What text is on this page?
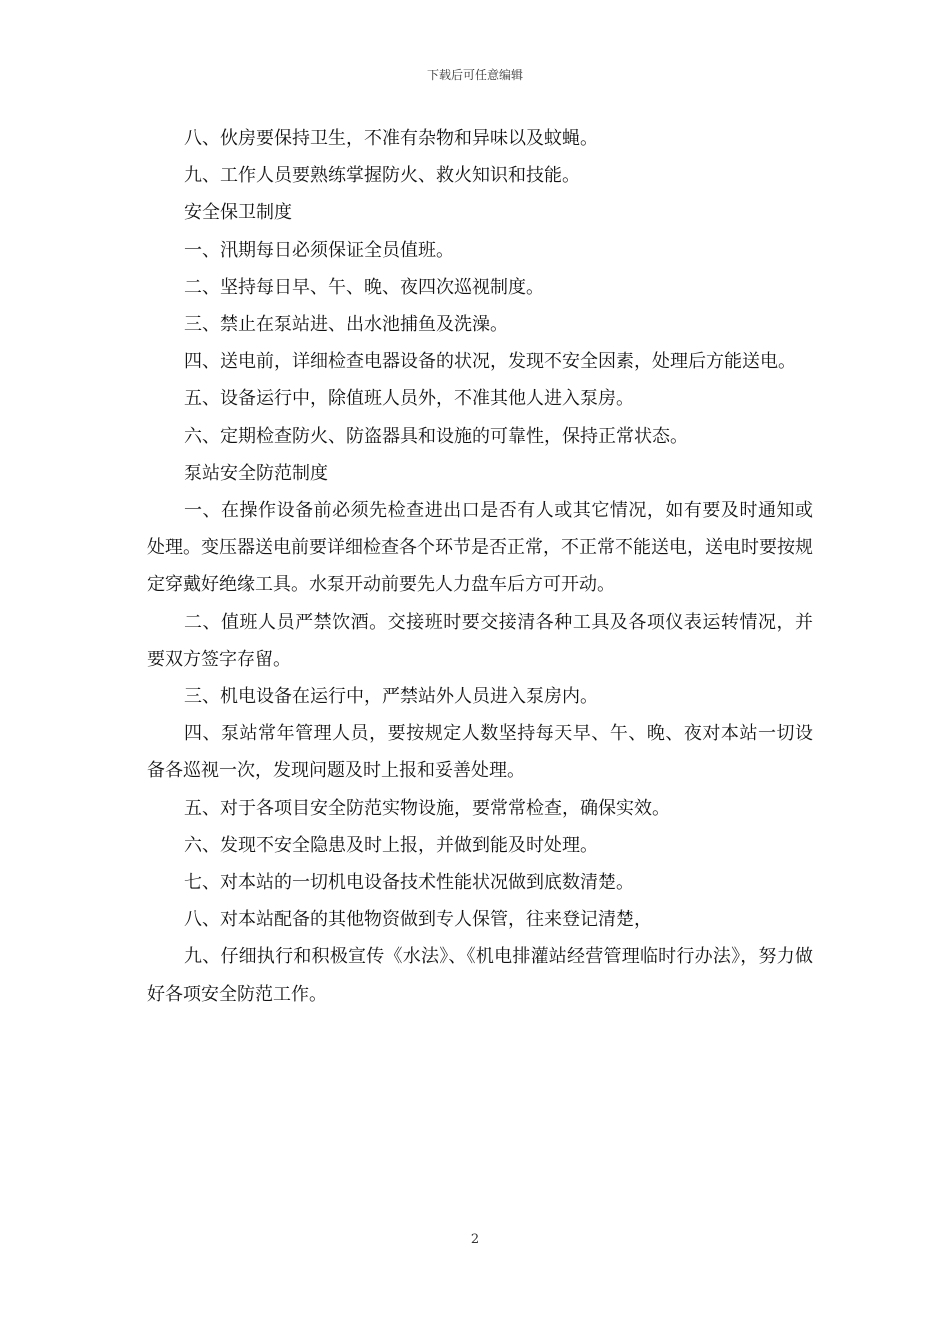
下载后可任意编辑

八、伙房要保持卫生，不准有杂物和异味以及蚊蝇。

九、工作人员要熟练掌握防火、救火知识和技能。

安全保卫制度

一、汛期每日必须保证全员值班。

二、坚持每日早、午、晚、夜四次巡视制度。

三、禁止在泵站进、出水池捕鱼及洗澡。

四、送电前，详细检查电器设备的状况，发现不安全因素，处理后方能送电。

五、设备运行中，除值班人员外，不准其他人进入泵房。

六、定期检查防火、防盗器具和设施的可靠性，保持正常状态。

泵站安全防范制度

一、在操作设备前必须先检查进出口是否有人或其它情况，如有要及时通知或处理。变压器送电前要详细检查各个环节是否正常，不正常不能送电，送电时要按规定穿戴好绝缘工具。水泵开动前要先人力盘车后方可开动。

二、值班人员严禁饮酒。交接班时要交接清各种工具及各项仪表运转情况，并要双方签字存留。

三、机电设备在运行中，严禁站外人员进入泵房内。

四、泵站常年管理人员，要按规定人数坚持每天早、午、晚、夜对本站一切设备各巡视一次，发现问题及时上报和妥善处理。

五、对于各项目安全防范实物设施，要常常检查，确保实效。

六、发现不安全隐患及时上报，并做到能及时处理。

七、对本站的一切机电设备技术性能状况做到底数清楚。

八、对本站配备的其他物资做到专人保管，往来登记清楚，

九、仔细执行和积极宣传《水法》、《机电排灌站经营管理临时行办法》，努力做好各项安全防范工作。

2
